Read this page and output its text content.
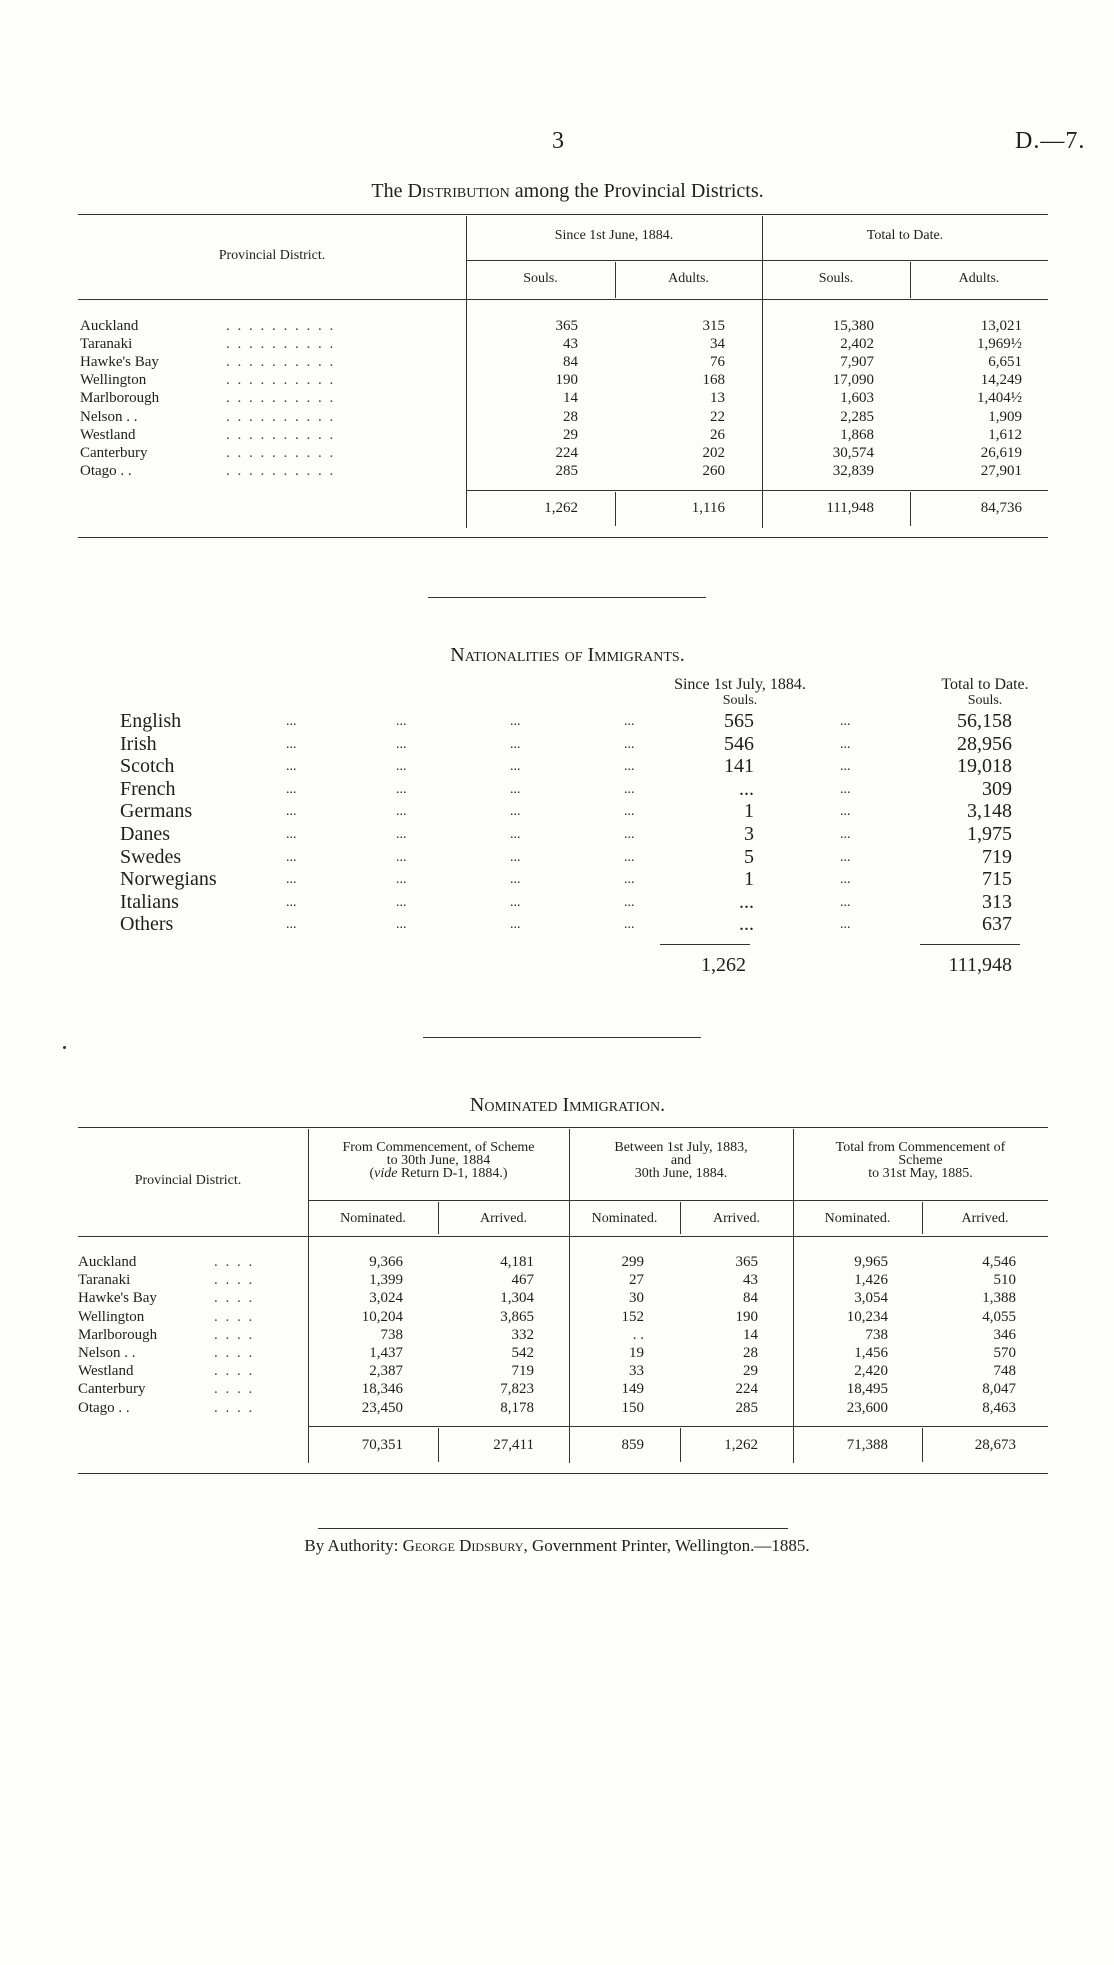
3	D.—7.
The Distribution among the Provincial Districts.
Provincial District.
Since 1st June, 1884.	Total to Date.
Souls.	Adults.	Souls.	Adults.
Auckland	. . . . . . . . . .	365	315	15,380	13,021
Taranaki	. . . . . . . . . .	43	34	2,402	1,969½
Hawke's Bay	. . . . . . . . . .	84	76	7,907	6,651
Wellington	. . . . . . . . . .	190	168	17,090	14,249
Marlborough	. . . . . . . . . .	14	13	1,603	1,404½
Nelson . .	. . . . . . . . . .	28	22	2,285	1,909
Westland	. . . . . . . . . .	29	26	1,868	1,612
Canterbury	. . . . . . . . . .	224	202	30,574	26,619
Otago . .	. . . . . . . . . .	285	260	32,839	27,901
1,262	1,116	111,948	84,736
Nationalities of Immigrants.
Since 1st July, 1884.
Souls.
Total to Date.
Souls.
English	...	...	...	...	565	...	56,158
Irish	...	...	...	...	546	...	28,956
Scotch	...	...	...	...	141	...	19,018
French	...	...	...	...	...	...	309
Germans	...	...	...	...	1	...	3,148
Danes	...	...	...	...	3	...	1,975
Swedes	...	...	...	...	5	...	719
Norwegians	...	...	...	...	1	...	715
Italians	...	...	...	...	...	...	313
Others	...	...	...	...	...	...	637
1,262	111,948
Nominated Immigration.
Provincial District.
From Commencement, of Scheme
to 30th June, 1884
(vide Return D-1, 1884.)
Between 1st July, 1883,
and
30th June, 1884.
Total from Commencement of
Scheme
to 31st May, 1885.
Nominated.	Arrived.	Nominated.	Arrived.	Nominated.	Arrived.
Auckland	. . . .	9,366	4,181	299	365	9,965	4,546
Taranaki	. . . .	1,399	467	27	43	1,426	510
Hawke's Bay	. . . .	3,024	1,304	30	84	3,054	1,388
Wellington	. . . .	10,204	3,865	152	190	10,234	4,055
Marlborough	. . . .	738	332	. .	14	738	346
Nelson . .	. . . .	1,437	542	19	28	1,456	570
Westland	. . . .	2,387	719	33	29	2,420	748
Canterbury	. . . .	18,346	7,823	149	224	18,495	8,047
Otago . .	. . . .	23,450	8,178	150	285	23,600	8,463
70,351	27,411	859	1,262	71,388	28,673
By Authority: George Didsbury, Government Printer, Wellington.—1885.
